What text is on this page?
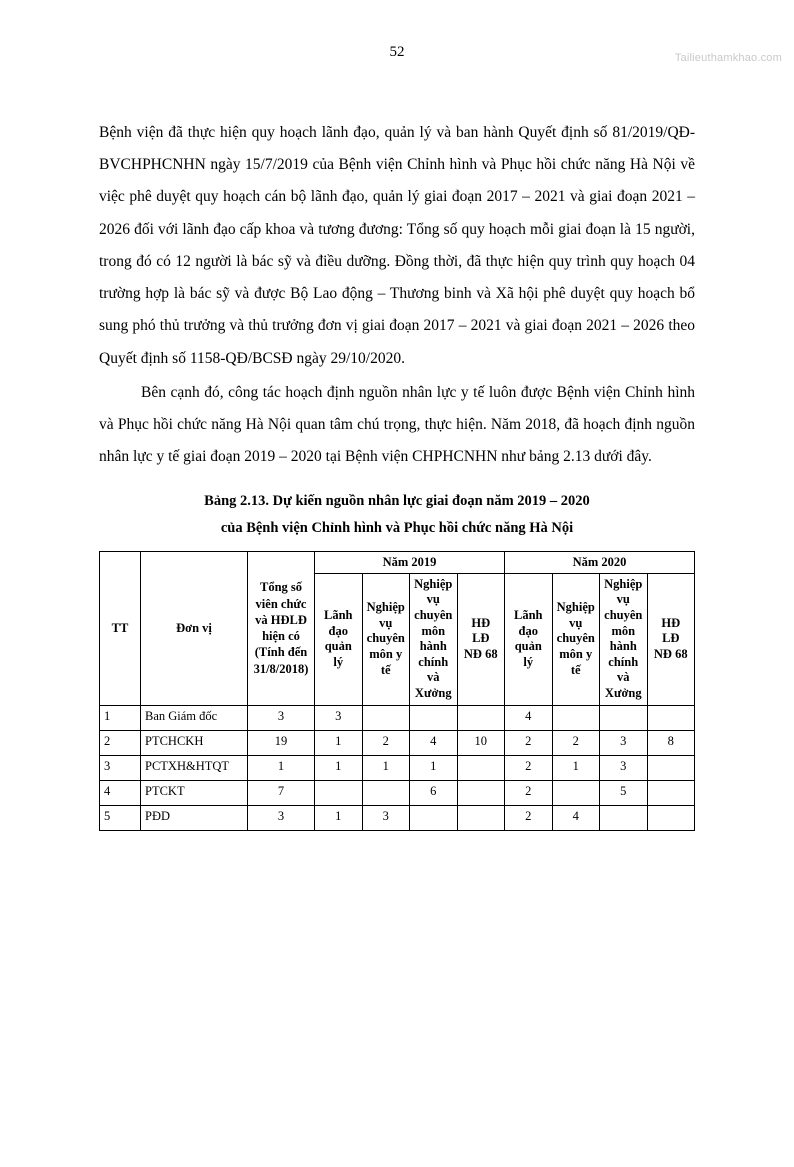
Tailieuthamkhao.com
52

Bệnh viện đã thực hiện quy hoạch lãnh đạo, quản lý và ban hành Quyết định số 81/2019/QĐ-BVCHPHCNHN ngày 15/7/2019 của Bệnh viện Chỉnh hình và Phục hồi chức năng Hà Nội về việc phê duyệt quy hoạch cán bộ lãnh đạo, quản lý giai đoạn 2017 – 2021 và giai đoạn 2021 – 2026 đối với lãnh đạo cấp khoa và tương đương: Tổng số quy hoạch mỗi giai đoạn là 15 người, trong đó có 12 người là bác sỹ và điều dưỡng. Đồng thời, đã thực hiện quy trình quy hoạch 04 trường hợp là bác sỹ và được Bộ Lao động – Thương binh và Xã hội phê duyệt quy hoạch bổ sung phó thủ trưởng và thủ trưởng đơn vị giai đoạn 2017 – 2021 và giai đoạn 2021 – 2026 theo Quyết định số 1158-QĐ/BCSĐ ngày 29/10/2020.

Bên cạnh đó, công tác hoạch định nguồn nhân lực y tế luôn được Bệnh viện Chỉnh hình và Phục hồi chức năng Hà Nội quan tâm chú trọng, thực hiện. Năm 2018, đã hoạch định nguồn nhân lực y tế giai đoạn 2019 – 2020 tại Bệnh viện CHPHCNHN như bảng 2.13 dưới đây.

Bảng 2.13. Dự kiến nguồn nhân lực giai đoạn năm 2019 – 2020
của Bệnh viện Chỉnh hình và Phục hồi chức năng Hà Nội
TT	Đơn vị	Tổng số viên chức và HĐLĐ hiện có (Tính đến 31/8/2018)	Năm 2019				Năm 2020			
			Lãnh đạo quản lý	Nghiệp vụ chuyên môn y tế	Nghiệp vụ chuyên môn hành chính và Xưởng	HĐ LĐ NĐ 68	Lãnh đạo quản lý	Nghiệp vụ chuyên môn y tế	Nghiệp vụ chuyên môn hành chính và Xưởng	HĐ LĐ NĐ 68
1	Ban Giám đốc	3	3				4			
2	PTCHCKH	19	1	2	4	10	2	2	3	8
3	PCTXH&HTQT	1	1	1	1		2	1	3	
4	PTCKT	7			6		2		5	
5	PĐD	3	1	3			2	4		
